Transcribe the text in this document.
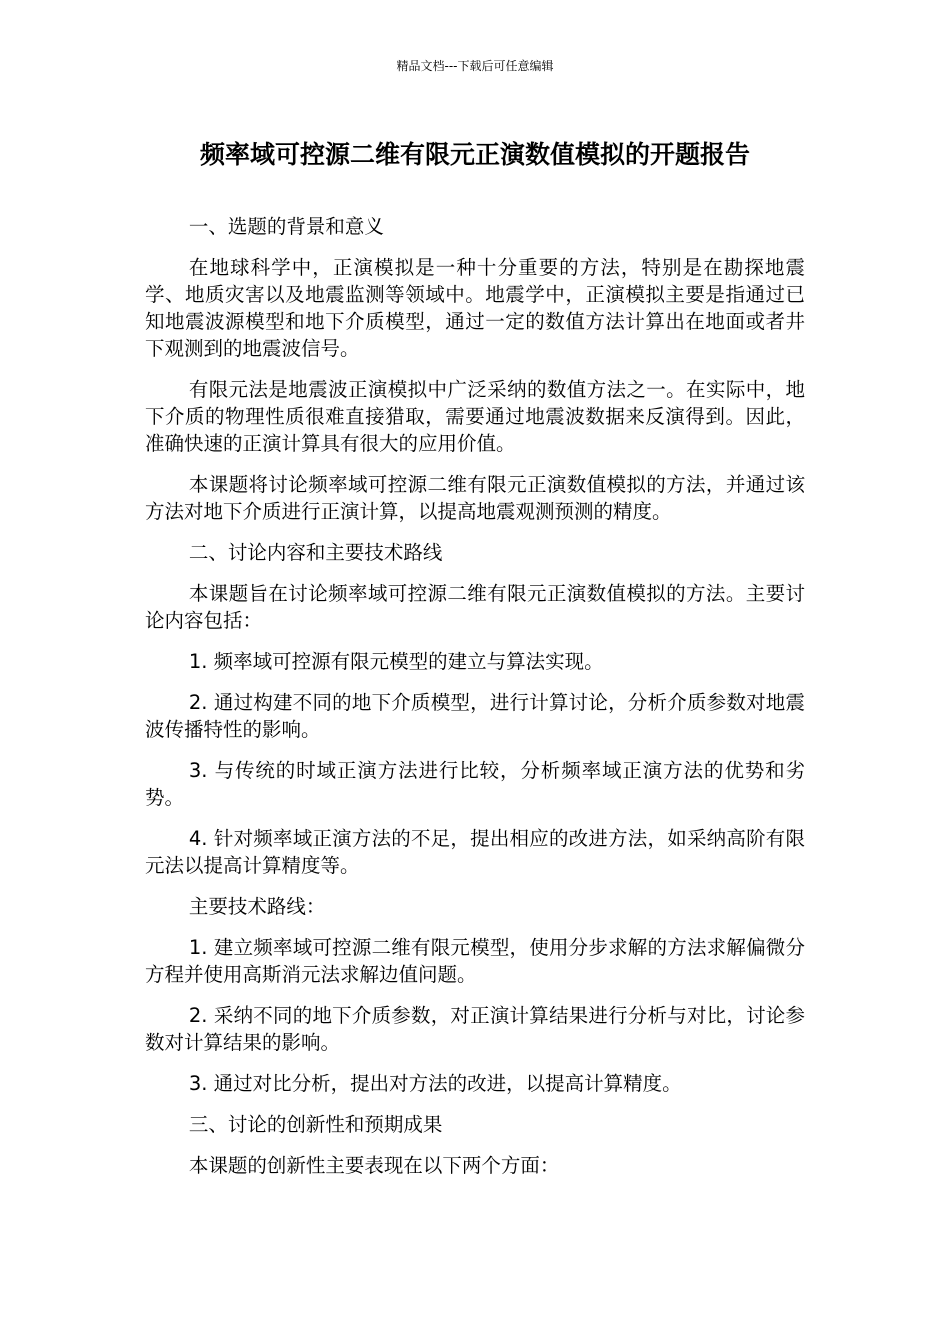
精品文档---下载后可任意编辑
频率域可控源二维有限元正演数值模拟的开题报告

一、选题的背景和意义

在地球科学中，正演模拟是一种十分重要的方法，特别是在勘探地震学、地质灾害以及地震监测等领域中。地震学中，正演模拟主要是指通过已知地震波源模型和地下介质模型，通过一定的数值方法计算出在地面或者井下观测到的地震波信号。

有限元法是地震波正演模拟中广泛采纳的数值方法之一。在实际中，地下介质的物理性质很难直接猎取，需要通过地震波数据来反演得到。因此，准确快速的正演计算具有很大的应用价值。

本课题将讨论频率域可控源二维有限元正演数值模拟的方法，并通过该方法对地下介质进行正演计算，以提高地震观测预测的精度。

二、讨论内容和主要技术路线

本课题旨在讨论频率域可控源二维有限元正演数值模拟的方法。主要讨论内容包括：

1. 频率域可控源有限元模型的建立与算法实现。

2. 通过构建不同的地下介质模型，进行计算讨论，分析介质参数对地震波传播特性的影响。

3. 与传统的时域正演方法进行比较，分析频率域正演方法的优势和劣势。

4. 针对频率域正演方法的不足，提出相应的改进方法，如采纳高阶有限元法以提高计算精度等。

主要技术路线：

1. 建立频率域可控源二维有限元模型，使用分步求解的方法求解偏微分方程并使用高斯消元法求解边值问题。

2. 采纳不同的地下介质参数，对正演计算结果进行分析与对比，讨论参数对计算结果的影响。

3. 通过对比分析，提出对方法的改进，以提高计算精度。

三、讨论的创新性和预期成果

本课题的创新性主要表现在以下两个方面：
